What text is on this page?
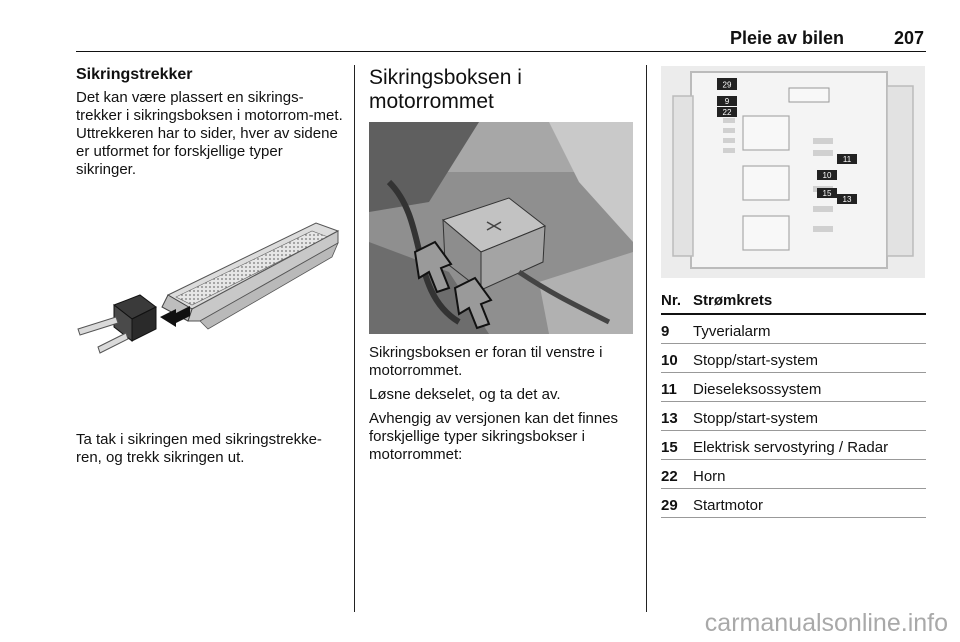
Pleie av bilen	207
Sikringstrekker

Det kan være plassert en sikrings-trekker i sikringsboksen i motorrom-met. Uttrekkeren har to sider, hver av sidene er utformet for forskjellige typer sikringer.

Ta tak i sikringen med sikringstrekke-ren, og trekk sikringen ut.

Sikringsboksen i motorrommet

Sikringsboksen er foran til venstre i motorrommet.

Løsne dekselet, og ta det av.

Avhengig av versjonen kan det finnes forskjellige typer sikringsbokser i motorrommet:

29
9
22
11
10
15
13
Nr.	Strømkrets
9	Tyverialarm
10	Stopp/start-system
11	Dieseleksossystem
13	Stopp/start-system
15	Elektrisk servostyring / Radar
22	Horn
29	Startmotor
carmanualsonline.info
